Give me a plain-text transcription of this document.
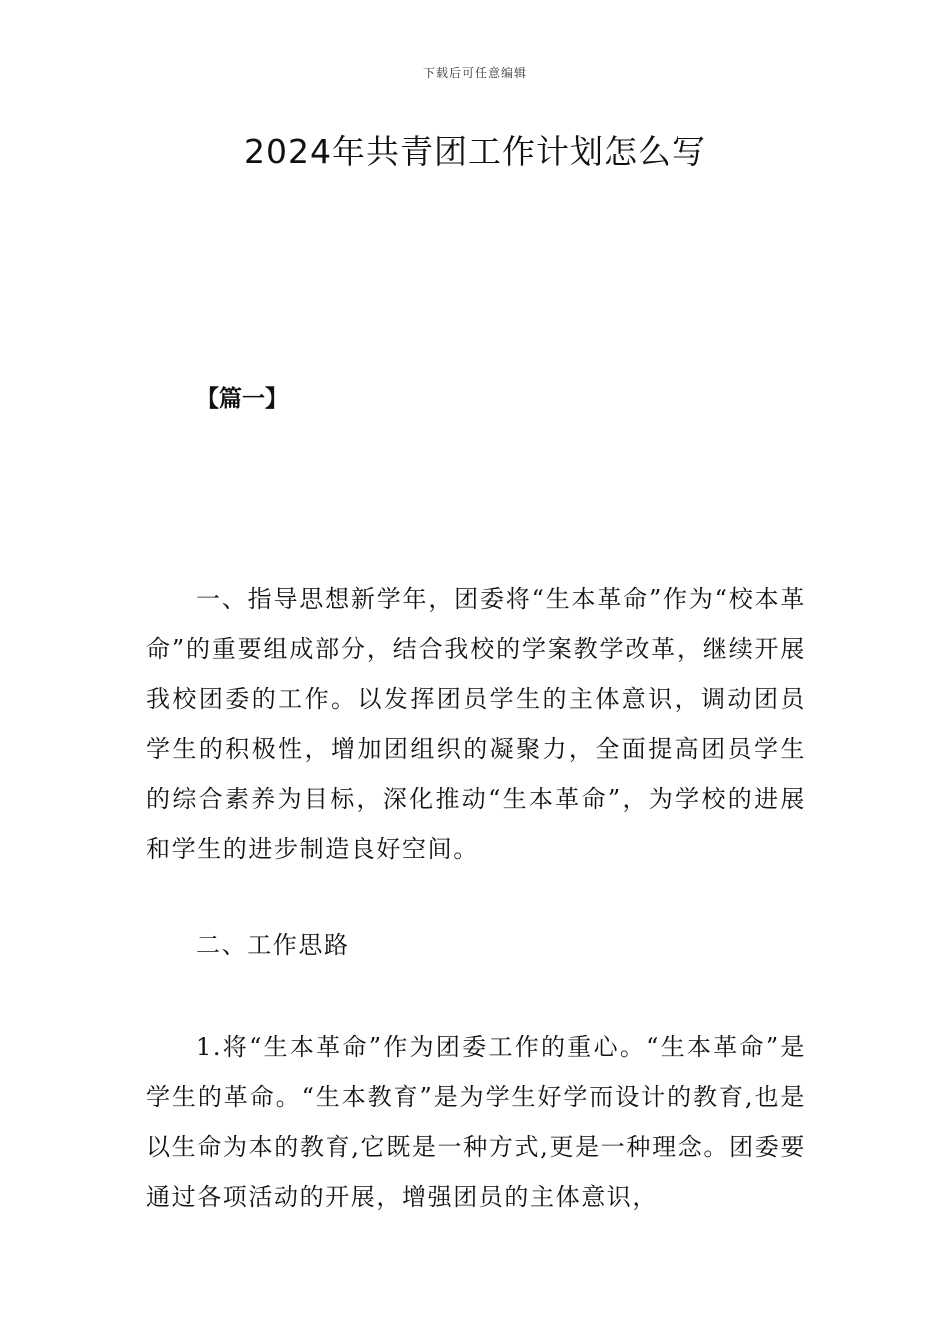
下载后可任意编辑
2024年共青团工作计划怎么写
【篇一】

一、指导思想新学年，团委将“生本革命”作为“校本革命”的重要组成部分，结合我校的学案教学改革，继续开展我校团委的工作。以发挥团员学生的主体意识，调动团员学生的积极性，增加团组织的凝聚力，全面提高团员学生的综合素养为目标，深化推动“生本革命”，为学校的进展和学生的进步制造良好空间。

二、工作思路

1.将“生本革命”作为团委工作的重心。“生本革命”是学生的革命。“生本教育”是为学生好学而设计的教育,也是以生命为本的教育,它既是一种方式,更是一种理念。团委要通过各项活动的开展，增强团员的主体意识，
